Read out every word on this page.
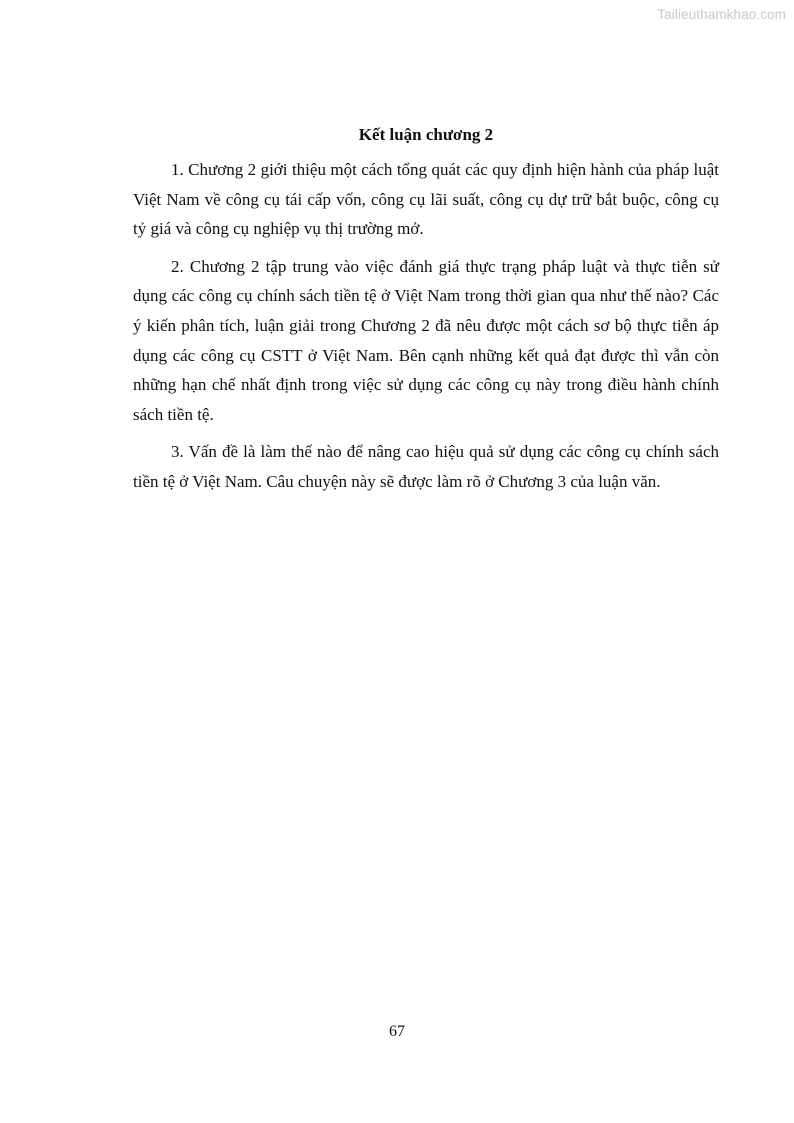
Tailieuthamkhao.com
Kết luận chương 2

1. Chương 2 giới thiệu một cách tổng quát các quy định hiện hành của pháp luật Việt Nam về công cụ tái cấp vốn, công cụ lãi suất, công cụ dự trữ bắt buộc, công cụ tỷ giá và công cụ nghiệp vụ thị trường mở.

2. Chương 2 tập trung vào việc đánh giá thực trạng pháp luật và thực tiễn sử dụng các công cụ chính sách tiền tệ ở Việt Nam trong thời gian qua như thế nào? Các ý kiến phân tích, luận giải trong Chương 2 đã nêu được một cách sơ bộ thực tiễn áp dụng các công cụ CSTT ở Việt Nam. Bên cạnh những kết quả đạt được thì vẫn còn những hạn chế nhất định trong việc sử dụng các công cụ này trong điều hành chính sách tiền tệ.

3. Vấn đề là làm thế nào để nâng cao hiệu quả sử dụng các công cụ chính sách tiền tệ ở Việt Nam. Câu chuyện này sẽ được làm rõ ở Chương 3 của luận văn.

67
